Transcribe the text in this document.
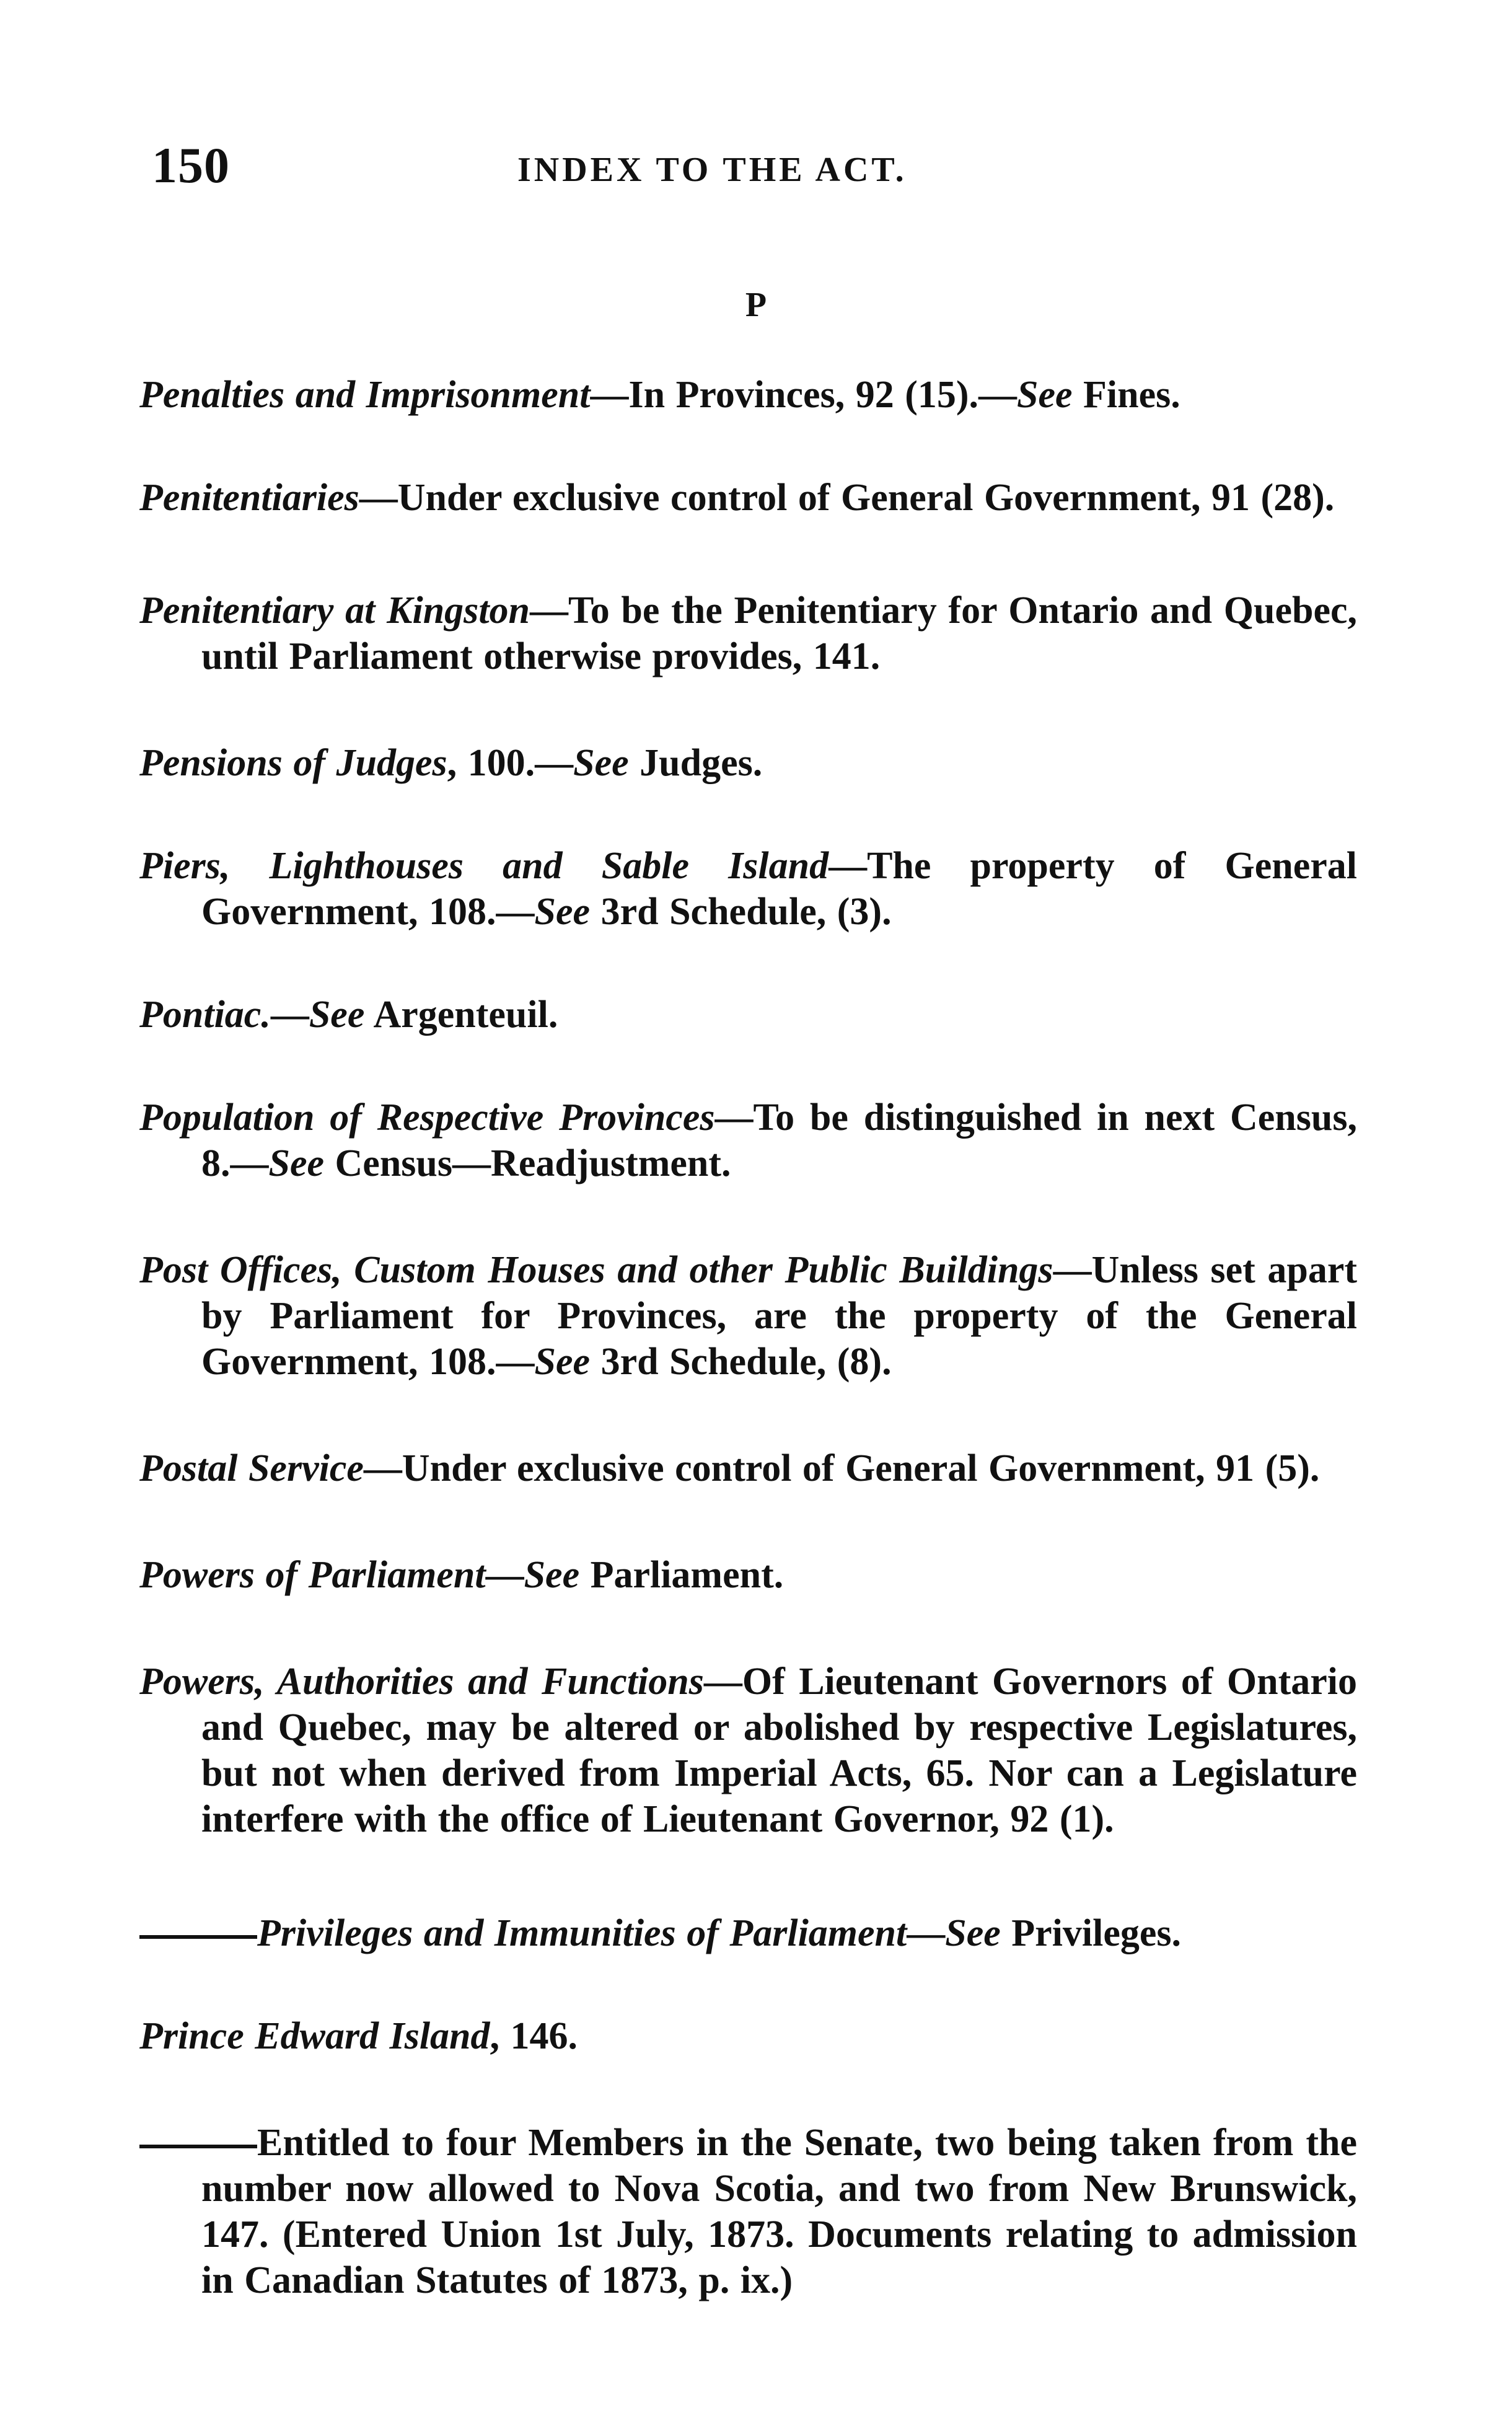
150	INDEX TO THE ACT.
P

Penalties and Imprisonment—In Provinces, 92 (15).—See Fines.

Penitentiaries—Under exclusive control of General Government, 91 (28).

Penitentiary at Kingston—To be the Penitentiary for Ontario and Quebec, until Parliament otherwise provides, 141.

Pensions of Judges, 100.—See Judges.

Piers, Lighthouses and Sable Island—The property of General Government, 108.—See 3rd Schedule, (3).

Pontiac.—See Argenteuil.

Population of Respective Provinces—To be distinguished in next Census, 8.—See Census—Readjustment.

Post Offices, Custom Houses and other Public Buildings—Unless set apart by Parliament for Provinces, are the property of the General Government, 108.—See 3rd Schedule, (8).

Postal Service—Under exclusive control of General Government, 91 (5).

Powers of Parliament—See Parliament.

Powers, Authorities and Functions—Of Lieutenant Governors of Ontario and Quebec, may be altered or abolished by respective Legislatures, but not when derived from Imperial Acts, 65. Nor can a Legislature interfere with the office of Lieutenant Governor, 92 (1).

Privileges and Immunities of Parliament—See Privileges.

Prince Edward Island, 146.

Entitled to four Members in the Senate, two being taken from the number now allowed to Nova Scotia, and two from New Brunswick, 147. (Entered Union 1st July, 1873. Documents relating to admission in Canadian Statutes of 1873, p. ix.)
